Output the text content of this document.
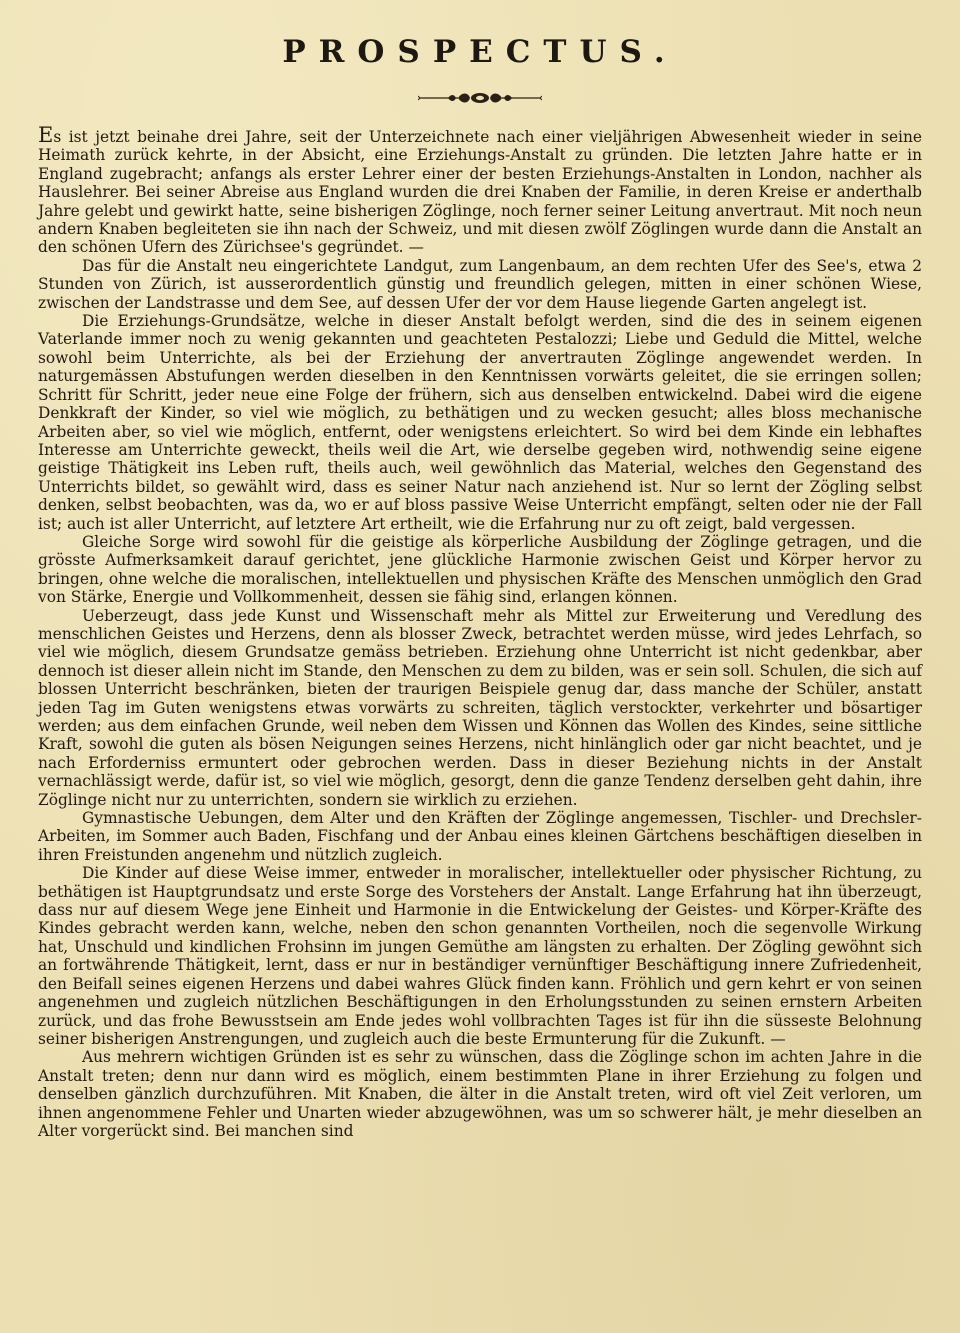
PROSPECTUS.

Es ist jetzt beinahe drei Jahre, seit der Unterzeichnete nach einer vieljährigen Abwesenheit wieder in seine Heimath zurück kehrte, in der Absicht, eine Erziehungs-Anstalt zu gründen. Die letzten Jahre hatte er in England zugebracht; anfangs als erster Lehrer einer der besten Erziehungs-Anstalten in London, nachher als Hauslehrer. Bei seiner Abreise aus England wurden die drei Knaben der Familie, in deren Kreise er anderthalb Jahre gelebt und gewirkt hatte, seine bisherigen Zöglinge, noch ferner seiner Leitung anvertraut. Mit noch neun andern Knaben begleiteten sie ihn nach der Schweiz, und mit diesen zwölf Zöglingen wurde dann die Anstalt an den schönen Ufern des Zürichsee's gegründet. —

Das für die Anstalt neu eingerichtete Landgut, zum Langenbaum, an dem rechten Ufer des See's, etwa 2 Stunden von Zürich, ist ausserordentlich günstig und freundlich gelegen, mitten in einer schönen Wiese, zwischen der Landstrasse und dem See, auf dessen Ufer der vor dem Hause liegende Garten angelegt ist.

Die Erziehungs-Grundsätze, welche in dieser Anstalt befolgt werden, sind die des in seinem eigenen Vaterlande immer noch zu wenig gekannten und geachteten Pestalozzi; Liebe und Geduld die Mittel, welche sowohl beim Unterrichte, als bei der Erziehung der anvertrauten Zöglinge angewendet werden. In naturgemässen Abstufungen werden dieselben in den Kenntnissen vorwärts geleitet, die sie erringen sollen; Schritt für Schritt, jeder neue eine Folge der frühern, sich aus denselben entwickelnd. Dabei wird die eigene Denkkraft der Kinder, so viel wie möglich, zu bethätigen und zu wecken gesucht; alles bloss mechanische Arbeiten aber, so viel wie möglich, entfernt, oder wenigstens erleichtert. So wird bei dem Kinde ein lebhaftes Interesse am Unterrichte geweckt, theils weil die Art, wie derselbe gegeben wird, nothwendig seine eigene geistige Thätigkeit ins Leben ruft, theils auch, weil gewöhnlich das Material, welches den Gegenstand des Unterrichts bildet, so gewählt wird, dass es seiner Natur nach anziehend ist. Nur so lernt der Zögling selbst denken, selbst beobachten, was da, wo er auf bloss passive Weise Unterricht empfängt, selten oder nie der Fall ist; auch ist aller Unterricht, auf letztere Art ertheilt, wie die Erfahrung nur zu oft zeigt, bald vergessen.

Gleiche Sorge wird sowohl für die geistige als körperliche Ausbildung der Zöglinge getragen, und die grösste Aufmerksamkeit darauf gerichtet, jene glückliche Harmonie zwischen Geist und Körper hervor zu bringen, ohne welche die moralischen, intellektuellen und physischen Kräfte des Menschen unmöglich den Grad von Stärke, Energie und Vollkommenheit, dessen sie fähig sind, erlangen können.

Ueberzeugt, dass jede Kunst und Wissenschaft mehr als Mittel zur Erweiterung und Veredlung des menschlichen Geistes und Herzens, denn als blosser Zweck, betrachtet werden müsse, wird jedes Lehrfach, so viel wie möglich, diesem Grundsatze gemäss betrieben. Erziehung ohne Unterricht ist nicht gedenkbar, aber dennoch ist dieser allein nicht im Stande, den Menschen zu dem zu bilden, was er sein soll. Schulen, die sich auf blossen Unterricht beschränken, bieten der traurigen Beispiele genug dar, dass manche der Schüler, anstatt jeden Tag im Guten wenigstens etwas vorwärts zu schreiten, täglich verstockter, verkehrter und bösartiger werden; aus dem einfachen Grunde, weil neben dem Wissen und Können das Wollen des Kindes, seine sittliche Kraft, sowohl die guten als bösen Neigungen seines Herzens, nicht hinlänglich oder gar nicht beachtet, und je nach Erforderniss ermuntert oder gebrochen werden. Dass in dieser Beziehung nichts in der Anstalt vernachlässigt werde, dafür ist, so viel wie möglich, gesorgt, denn die ganze Tendenz derselben geht dahin, ihre Zöglinge nicht nur zu unterrichten, sondern sie wirklich zu erziehen.

Gymnastische Uebungen, dem Alter und den Kräften der Zöglinge angemessen, Tischler- und Drechsler-Arbeiten, im Sommer auch Baden, Fischfang und der Anbau eines kleinen Gärtchens beschäftigen dieselben in ihren Freistunden angenehm und nützlich zugleich.

Die Kinder auf diese Weise immer, entweder in moralischer, intellektueller oder physischer Richtung, zu bethätigen ist Hauptgrundsatz und erste Sorge des Vorstehers der Anstalt. Lange Erfahrung hat ihn überzeugt, dass nur auf diesem Wege jene Einheit und Harmonie in die Entwickelung der Geistes- und Körper-Kräfte des Kindes gebracht werden kann, welche, neben den schon genannten Vortheilen, noch die segenvolle Wirkung hat, Unschuld und kindlichen Frohsinn im jungen Gemüthe am längsten zu erhalten. Der Zögling gewöhnt sich an fortwährende Thätigkeit, lernt, dass er nur in beständiger vernünftiger Beschäftigung innere Zufriedenheit, den Beifall seines eigenen Herzens und dabei wahres Glück finden kann. Fröhlich und gern kehrt er von seinen angenehmen und zugleich nützlichen Beschäftigungen in den Erholungsstunden zu seinen ernstern Arbeiten zurück, und das frohe Bewusstsein am Ende jedes wohl vollbrachten Tages ist für ihn die süsseste Belohnung seiner bisherigen Anstrengungen, und zugleich auch die beste Ermunterung für die Zukunft. —

Aus mehrern wichtigen Gründen ist es sehr zu wünschen, dass die Zöglinge schon im achten Jahre in die Anstalt treten; denn nur dann wird es möglich, einem bestimmten Plane in ihrer Erziehung zu folgen und denselben gänzlich durchzuführen. Mit Knaben, die älter in die Anstalt treten, wird oft viel Zeit verloren, um ihnen angenommene Fehler und Unarten wieder abzugewöhnen, was um so schwerer hält, je mehr dieselben an Alter vorgerückt sind. Bei manchen sind
